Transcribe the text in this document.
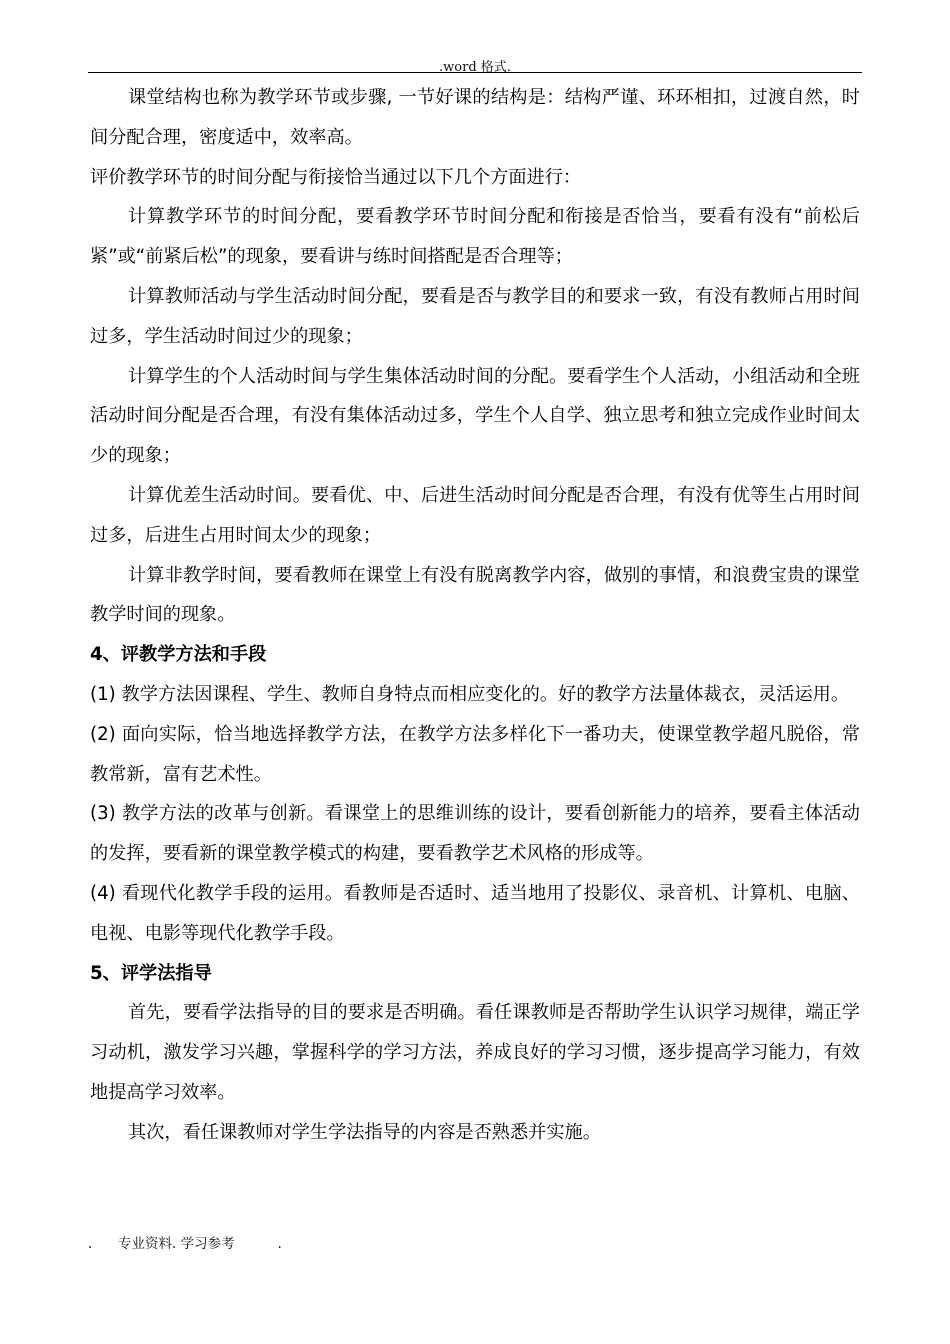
.word 格式.

课堂结构也称为教学环节或步骤, 一节好课的结构是：结构严谨、环环相扣，过渡自然，时间分配合理，密度适中，效率高。

评价教学环节的时间分配与衔接恰当通过以下几个方面进行：

计算教学环节的时间分配，要看教学环节时间分配和衔接是否恰当，要看有没有“前松后紧”或“前紧后松”的现象，要看讲与练时间搭配是否合理等；

计算教师活动与学生活动时间分配，要看是否与教学目的和要求一致，有没有教师占用时间过多，学生活动时间过少的现象；

计算学生的个人活动时间与学生集体活动时间的分配。要看学生个人活动，小组活动和全班活动时间分配是否合理，有没有集体活动过多，学生个人自学、独立思考和独立完成作业时间太少的现象；

计算优差生活动时间。要看优、中、后进生活动时间分配是否合理，有没有优等生占用时间过多，后进生占用时间太少的现象；

计算非教学时间，要看教师在课堂上有没有脱离教学内容，做别的事情，和浪费宝贵的课堂教学时间的现象。

4、评教学方法和手段

(1) 教学方法因课程、学生、教师自身特点而相应变化的。好的教学方法量体裁衣，灵活运用。

(2) 面向实际，恰当地选择教学方法，在教学方法多样化下一番功夫，使课堂教学超凡脱俗，常教常新，富有艺术性。

(3) 教学方法的改革与创新。看课堂上的思维训练的设计，要看创新能力的培养，要看主体活动的发挥，要看新的课堂教学模式的构建，要看教学艺术风格的形成等。

(4) 看现代化教学手段的运用。看教师是否适时、适当地用了投影仪、录音机、计算机、电脑、电视、电影等现代化教学手段。

5、评学法指导

首先，要看学法指导的目的要求是否明确。看任课教师是否帮助学生认识学习规律，端正学习动机，激发学习兴趣，掌握科学的学习方法，养成良好的学习习惯，逐步提高学习能力，有效地提高学习效率。

其次，看任课教师对学生学法指导的内容是否熟悉并实施。

.      专业资料. 学习参考          .
